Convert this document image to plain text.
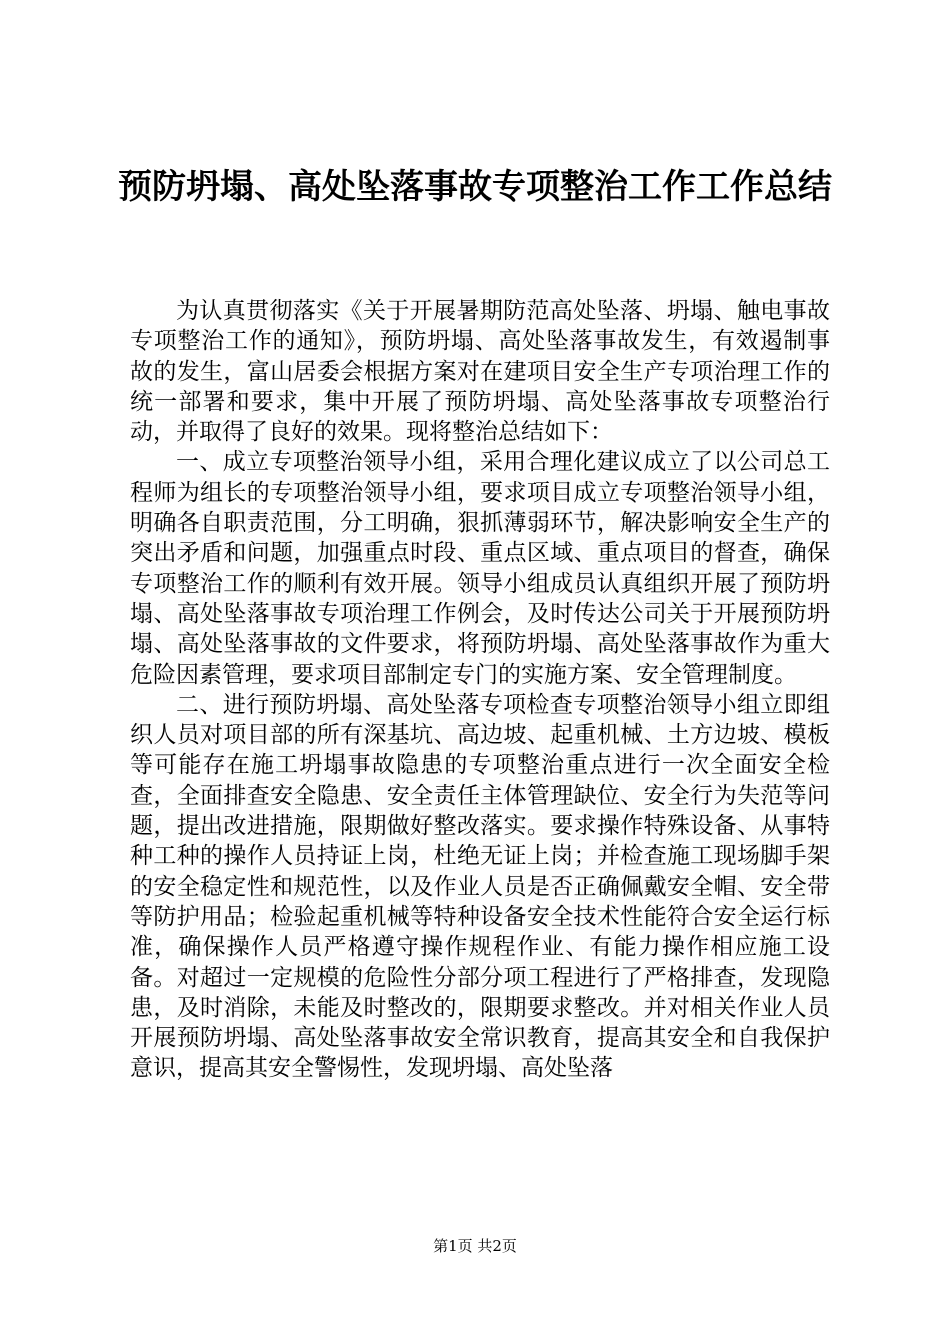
预防坍塌、高处坠落事故专项整治工作工作总结

为认真贯彻落实《关于开展暑期防范高处坠落、坍塌、触电事故专项整治工作的通知》，预防坍塌、高处坠落事故发生，有效遏制事故的发生，富山居委会根据方案对在建项目安全生产专项治理工作的统一部署和要求，集中开展了预防坍塌、高处坠落事故专项整治行动，并取得了良好的效果。现将整治总结如下：

一、成立专项整治领导小组，采用合理化建议成立了以公司总工程师为组长的专项整治领导小组，要求项目成立专项整治领导小组，明确各自职责范围，分工明确，狠抓薄弱环节，解决影响安全生产的突出矛盾和问题，加强重点时段、重点区域、重点项目的督查，确保专项整治工作的顺利有效开展。领导小组成员认真组织开展了预防坍塌、高处坠落事故专项治理工作例会，及时传达公司关于开展预防坍塌、高处坠落事故的文件要求，将预防坍塌、高处坠落事故作为重大危险因素管理，要求项目部制定专门的实施方案、安全管理制度。

二、进行预防坍塌、高处坠落专项检查专项整治领导小组立即组织人员对项目部的所有深基坑、高边坡、起重机械、土方边坡、模板等可能存在施工坍塌事故隐患的专项整治重点进行一次全面安全检查，全面排查安全隐患、安全责任主体管理缺位、安全行为失范等问题，提出改进措施，限期做好整改落实。要求操作特殊设备、从事特种工种的操作人员持证上岗，杜绝无证上岗；并检查施工现场脚手架的安全稳定性和规范性，以及作业人员是否正确佩戴安全帽、安全带等防护用品；检验起重机械等特种设备安全技术性能符合安全运行标准，确保操作人员严格遵守操作规程作业、有能力操作相应施工设备。对超过一定规模的危险性分部分项工程进行了严格排查，发现隐患，及时消除，未能及时整改的，限期要求整改。并对相关作业人员开展预防坍塌、高处坠落事故安全常识教育，提高其安全和自我保护意识，提高其安全警惕性，发现坍塌、高处坠落

第1页 共2页
